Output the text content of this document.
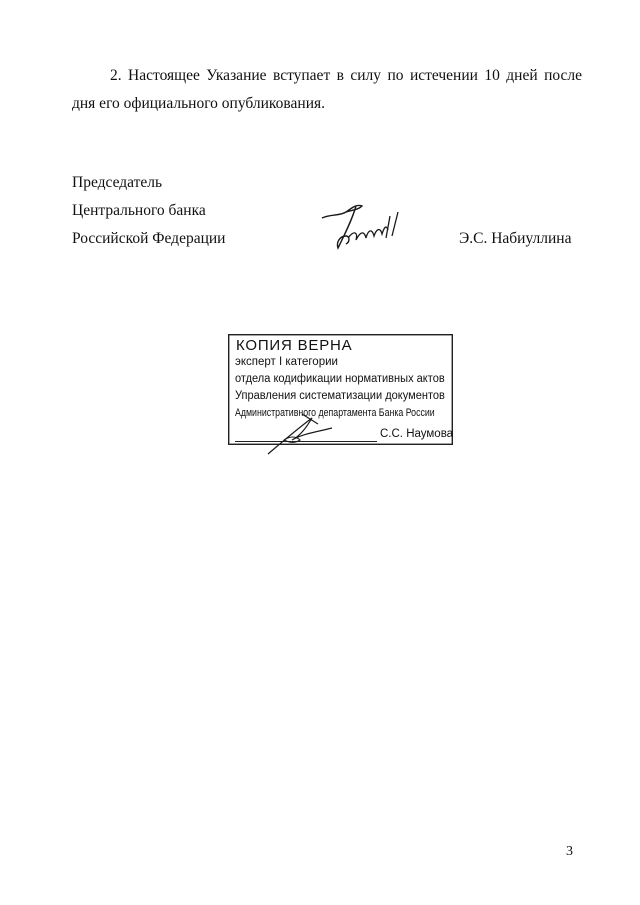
2. Настоящее Указание вступает в силу по истечении 10 дней после дня его официального опубликования.

Председатель
Центрального банка
Российской Федерации	Э.С. Набиуллина
КОПИЯ ВЕРНА
эксперт I категории
отдела кодификации нормативных актов
Управления систематизации документов
Административного департамента Банка России
С.С. Наумова
3
